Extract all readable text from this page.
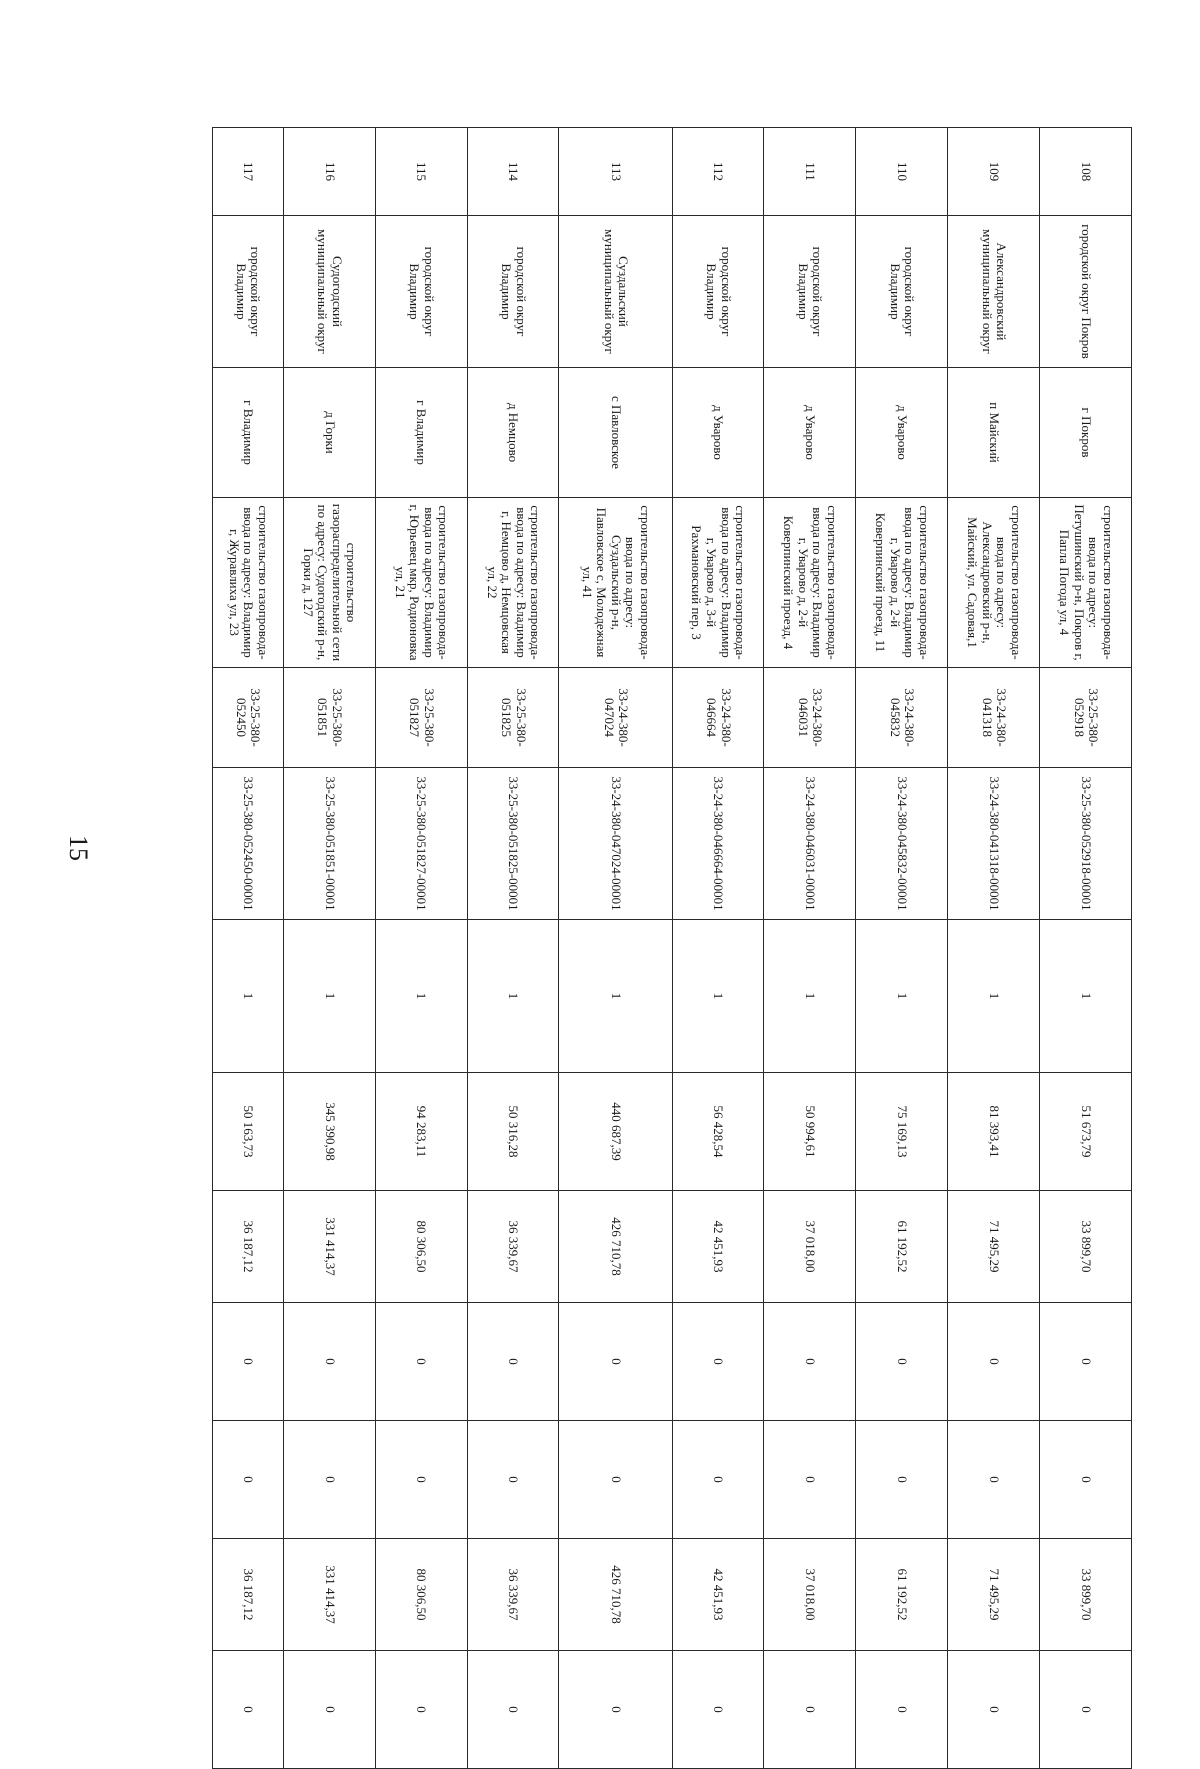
15
108	городской округ Покров	г Покров	строительство газопровода-ввода по адресу: Петушинский р-н, Покров г, Папла Погода ул, 4	33-25-380-052918	33-25-380-052918-00001	1	51 673,79	33 899,70	0	0	33 899,70	0
109	Александровский муниципальный округ	п Майский	строительство газопровода-ввода по адресу: Александровский р-н, Майский, ул. Садовая,1	33-24-380-041318	33-24-380-041318-00001	1	81 393,41	71 495,29	0	0	71 495,29	0
110	городской округ Владимир	д Уварово	строительство газопровода-ввода по адресу: Владимир г, Уварово д, 2-й Коверпинский проезд, 11	33-24-380-045832	33-24-380-045832-00001	1	75 169,13	61 192,52	0	0	61 192,52	0
111	городской округ Владимир	д Уварово	строительство газопровода-ввода по адресу: Владимир г, Уварово д, 2-й Коверпинский проезд, 4	33-24-380-046031	33-24-380-046031-00001	1	50 994,61	37 018,00	0	0	37 018,00	0
112	городской округ Владимир	д Уварово	строительство газопровода-ввода по адресу: Владимир г, Уварово д, 3-й Рахмановский пер, 3	33-24-380-046664	33-24-380-046664-00001	1	56 428,54	42 451,93	0	0	42 451,93	0
113	Суздальский муниципальный округ	с Павловское	строительство газопровода-ввода по адресу: Суздальский р-н, Павловское с, Молодежная ул, 41	33-24-380-047024	33-24-380-047024-00001	1	440 687,39	426 710,78	0	0	426 710,78	0
114	городской округ Владимир	д Немцово	строительство газопровода-ввода по адресу: Владимир г, Немцово д, Немцовская ул, 22	33-25-380-051825	33-25-380-051825-00001	1	50 316,28	36 339,67	0	0	36 339,67	0
115	городской округ Владимир	г Владимир	строительство газопровода-ввода по адресу: Владимир г, Юрьевец мкр, Родионовка ул, 21	33-25-380-051827	33-25-380-051827-00001	1	94 283,11	80 306,50	0	0	80 306,50	0
116	Судогодский муниципальный округ	д Горки	строительство газораспределительной сети по адресу: Судогодский р-н, Горки д, 127	33-25-380-051851	33-25-380-051851-00001	1	345 390,98	331 414,37	0	0	331 414,37	0
117	городской округ Владимир	г Владимир	строительство газопровода-ввода по адресу: Владимир г, Журавлиха ул, 23	33-25-380-052450	33-25-380-052450-00001	1	50 163,73	36 187,12	0	0	36 187,12	0
